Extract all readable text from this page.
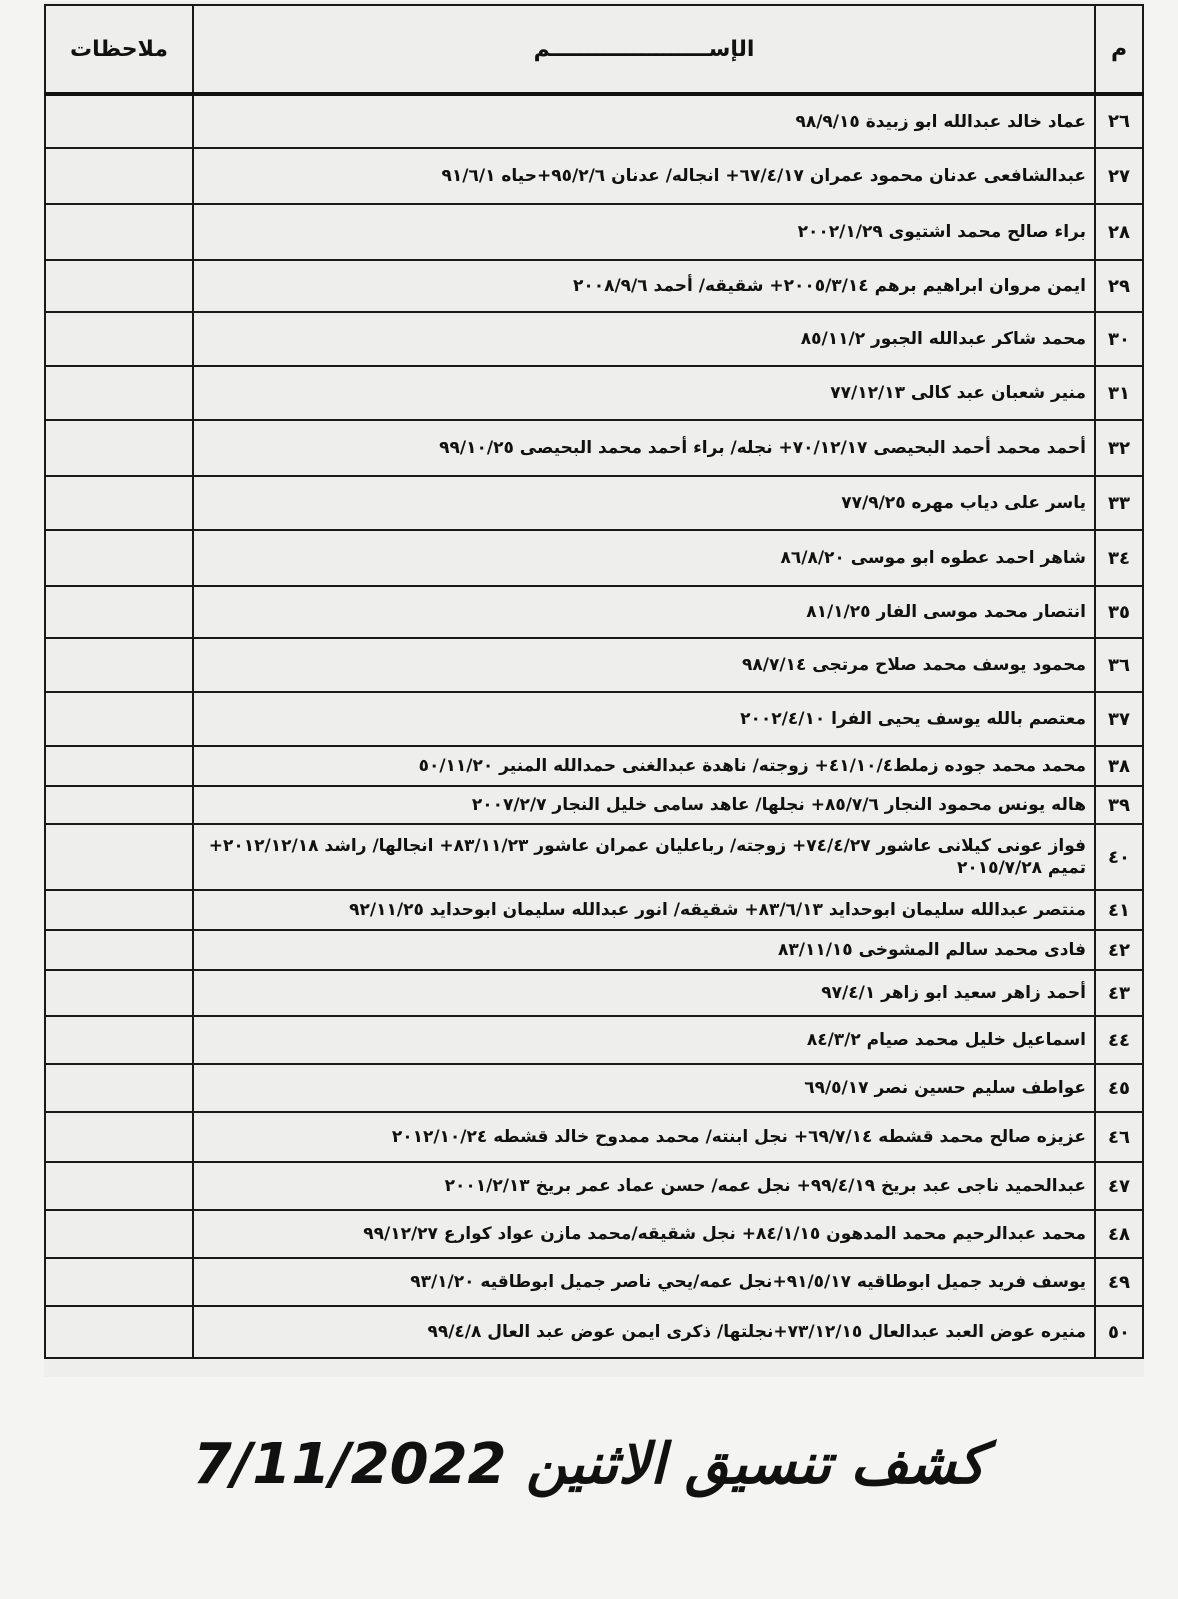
م	الإســـــــــــــــــــــم	ملاحظات
٢٦	عماد خالد عبدالله ابو زبيدة ٩٨/٩/١٥	
٢٧	عبدالشافعى عدنان محمود عمران ٦٧/٤/١٧+ انجاله/ عدنان ٩٥/٢/٦+حياه ٩١/٦/١	
٢٨	براء صالح محمد اشتيوى ٢٠٠٢/١/٢٩	
٢٩	ايمن مروان ابراهيم برهم ٢٠٠٥/٣/١٤+ شقيقه/ أحمد ٢٠٠٨/٩/٦	
٣٠	محمد شاكر عبدالله الجبور ٨٥/١١/٢	
٣١	منير شعبان عبد كالى ٧٧/١٢/١٣	
٣٢	أحمد محمد أحمد البحيصى ٧٠/١٢/١٧+ نجله/ براء أحمد محمد البحيصى ٩٩/١٠/٢٥	
٣٣	ياسر على دياب مهره ٧٧/٩/٢٥	
٣٤	شاهر احمد عطوه ابو موسى ٨٦/٨/٢٠	
٣٥	انتصار محمد موسى الفار ٨١/١/٢٥	
٣٦	محمود يوسف محمد صلاح مرتجى ٩٨/٧/١٤	
٣٧	معتصم بالله يوسف يحيى الفرا ٢٠٠٢/٤/١٠	
٣٨	محمد محمد جوده زملط٤١/١٠/٤+ زوجته/ ناهدة عبدالغنى حمدالله المنير ٥٠/١١/٢٠	
٣٩	هاله يونس محمود النجار ٨٥/٧/٦+ نجلها/ عاهد سامى خليل النجار ٢٠٠٧/٢/٧	
٤٠	فواز عونى كيلانى عاشور ٧٤/٤/٢٧+ زوجته/ رباعليان عمران عاشور ٨٣/١١/٢٣+ انجالها/ راشد ٢٠١٢/١٢/١٨+ تميم ٢٠١٥/٧/٢٨	
٤١	منتصر عبدالله سليمان ابوحدايد ٨٣/٦/١٣+ شقيقه/ انور عبدالله سليمان ابوحدايد ٩٢/١١/٢٥	
٤٢	فادى محمد سالم المشوخى ٨٣/١١/١٥	
٤٣	أحمد زاهر سعيد ابو زاهر ٩٧/٤/١	
٤٤	اسماعيل خليل محمد صيام ٨٤/٣/٢	
٤٥	عواطف سليم حسين نصر ٦٩/٥/١٧	
٤٦	عزيزه صالح محمد قشطه ٦٩/٧/١٤+ نجل ابنته/ محمد ممدوح خالد قشطه ٢٠١٢/١٠/٢٤	
٤٧	عبدالحميد ناجى عبد بريخ ٩٩/٤/١٩+ نجل عمه/ حسن عماد عمر بريخ ٢٠٠١/٢/١٣	
٤٨	محمد عبدالرحيم محمد المدهون ٨٤/١/١٥+ نجل شقيقه/محمد مازن عواد كوارع ٩٩/١٢/٢٧	
٤٩	يوسف فريد جميل ابوطاقيه ٩١/٥/١٧+نجل عمه/يحي ناصر جميل ابوطاقيه ٩٣/١/٢٠	
٥٠	منيره عوض العبد عبدالعال ٧٣/١٢/١٥+نجلتها/ ذكرى ايمن عوض عبد العال ٩٩/٤/٨	
كشف تنسيق الاثنين 7/11/2022
